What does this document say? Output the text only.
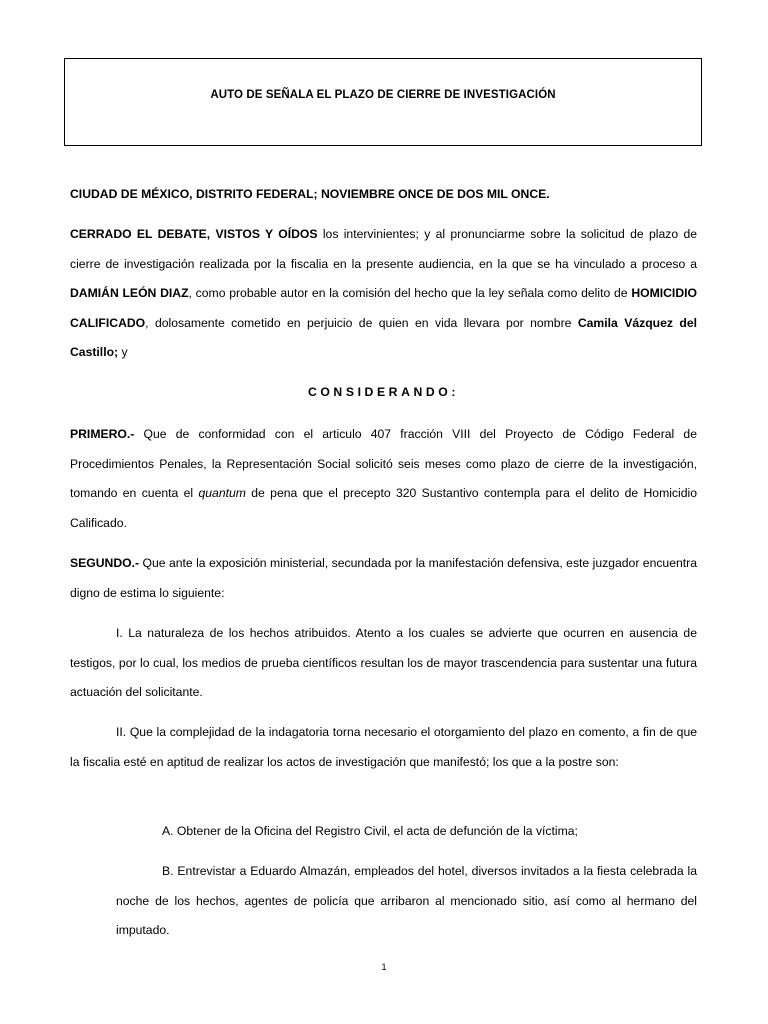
AUTO DE SEÑALA EL PLAZO DE CIERRE DE INVESTIGACIÓN

CIUDAD DE MÉXICO, DISTRITO FEDERAL; NOVIEMBRE ONCE DE DOS MIL ONCE.

CERRADO EL DEBATE, VISTOS Y OÍDOS los intervinientes; y al pronunciarme sobre la solicitud de plazo de cierre de investigación realizada por la fiscalia en la presente audiencia, en la que se ha vinculado a proceso a DAMIÁN LEÓN DIAZ, como probable autor en la comisión del hecho que la ley señala como delito de HOMICIDIO CALIFICADO, dolosamente cometido en perjuicio de quien en vida llevara por nombre Camila Vázquez del Castillo; y

CONSIDERANDO:

PRIMERO.- Que de conformidad con el articulo 407 fracción VIII del Proyecto de Código Federal de Procedimientos Penales, la Representación Social solicitó seis meses como plazo de cierre de la investigación, tomando en cuenta el quantum de pena que el precepto 320 Sustantivo contempla para el delito de Homicidio Calificado.

SEGUNDO.- Que ante la exposición ministerial, secundada por la manifestación defensiva, este juzgador encuentra digno de estima lo siguiente:

I. La naturaleza de los hechos atribuidos. Atento a los cuales se advierte que ocurren en ausencia de testigos, por lo cual, los medios de prueba científicos resultan los de mayor trascendencia para sustentar una futura actuación del solicitante.

II. Que la complejidad de la indagatoria torna necesario el otorgamiento del plazo en comento, a fin de que la fiscalia esté en aptitud de realizar los actos de investigación que manifestó; los que a la postre son:

A. Obtener de la Oficina del Registro Civil, el acta de defunción de la víctima;

B. Entrevistar a Eduardo Almazán, empleados del hotel, diversos invitados a la fiesta celebrada la noche de los hechos, agentes de policía que arribaron al mencionado sitio, así como al hermano del imputado.

1
